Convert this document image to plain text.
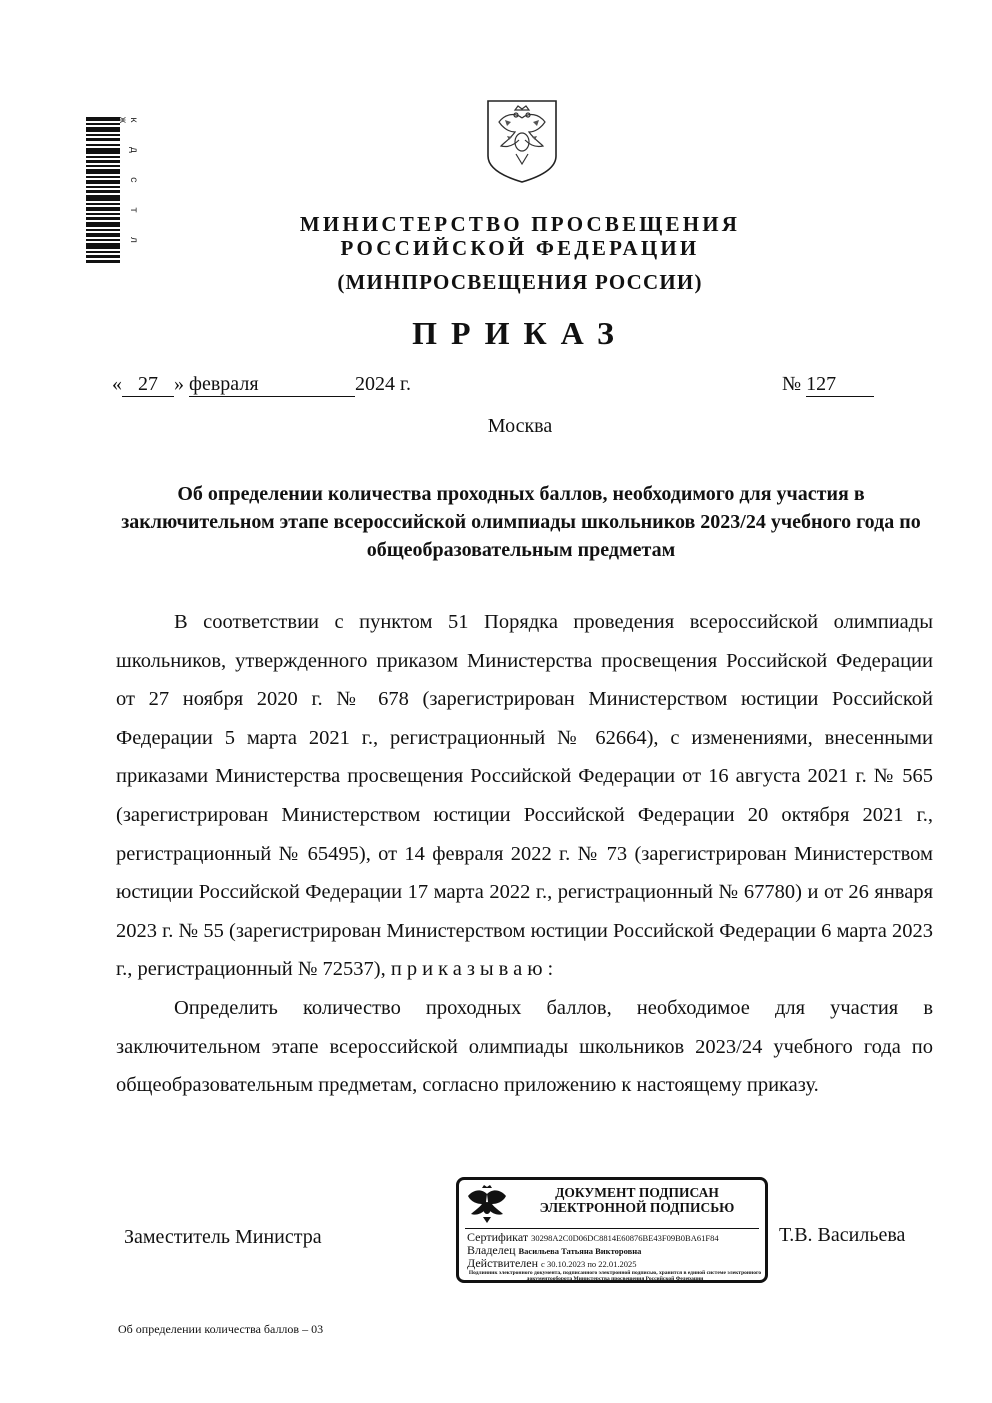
к д с т л ж
МИНИСТЕРСТВО ПРОСВЕЩЕНИЯ
РОССИЙСКОЙ ФЕДЕРАЦИИ
(МИНПРОСВЕЩЕНИЯ РОССИИ)
ПРИКАЗ
« 27 » февраля	2024 г.	№ 127
Москва
Об определении количества проходных баллов, необходимого для участия в заключительном этапе всероссийской олимпиады школьников 2023/24 учебного года по общеобразовательным предметам

В соответствии с пунктом 51 Порядка проведения всероссийской олимпиады школьников, утвержденного приказом Министерства просвещения Российской Федерации от 27 ноября 2020 г. № 678 (зарегистрирован Министерством юстиции Российской Федерации 5 марта 2021 г., регистрационный № 62664), с изменениями, внесенными приказами Министерства просвещения Российской Федерации от 16 августа 2021 г. № 565 (зарегистрирован Министерством юстиции Российской Федерации 20 октября 2021 г., регистрационный № 65495), от 14 февраля 2022 г. № 73 (зарегистрирован Министерством юстиции Российской Федерации 17 марта 2022 г., регистрационный № 67780) и от 26 января 2023 г. № 55 (зарегистрирован Министерством юстиции Российской Федерации 6 марта 2023 г., регистрационный № 72537), приказываю:

Определить количество проходных баллов, необходимое для участия в заключительном этапе всероссийской олимпиады школьников 2023/24 учебного года по общеобразовательным предметам, согласно приложению к настоящему приказу.

Заместитель Министра	Т.В. Васильева
ДОКУМЕНТ ПОДПИСАН
ЭЛЕКТРОННОЙ ПОДПИСЬЮ
Сертификат 30298A2C0D06DC8814E60876BE43F09B0BA61F84
Владелец Васильева Татьяна Викторовна
Действителен с 30.10.2023 по 22.01.2025
Подлинник электронного документа, подписанного электронной подписью, хранится в единой системе электронного документооборота Министерства просвещения Российской Федерации
Об определении количества баллов – 03
